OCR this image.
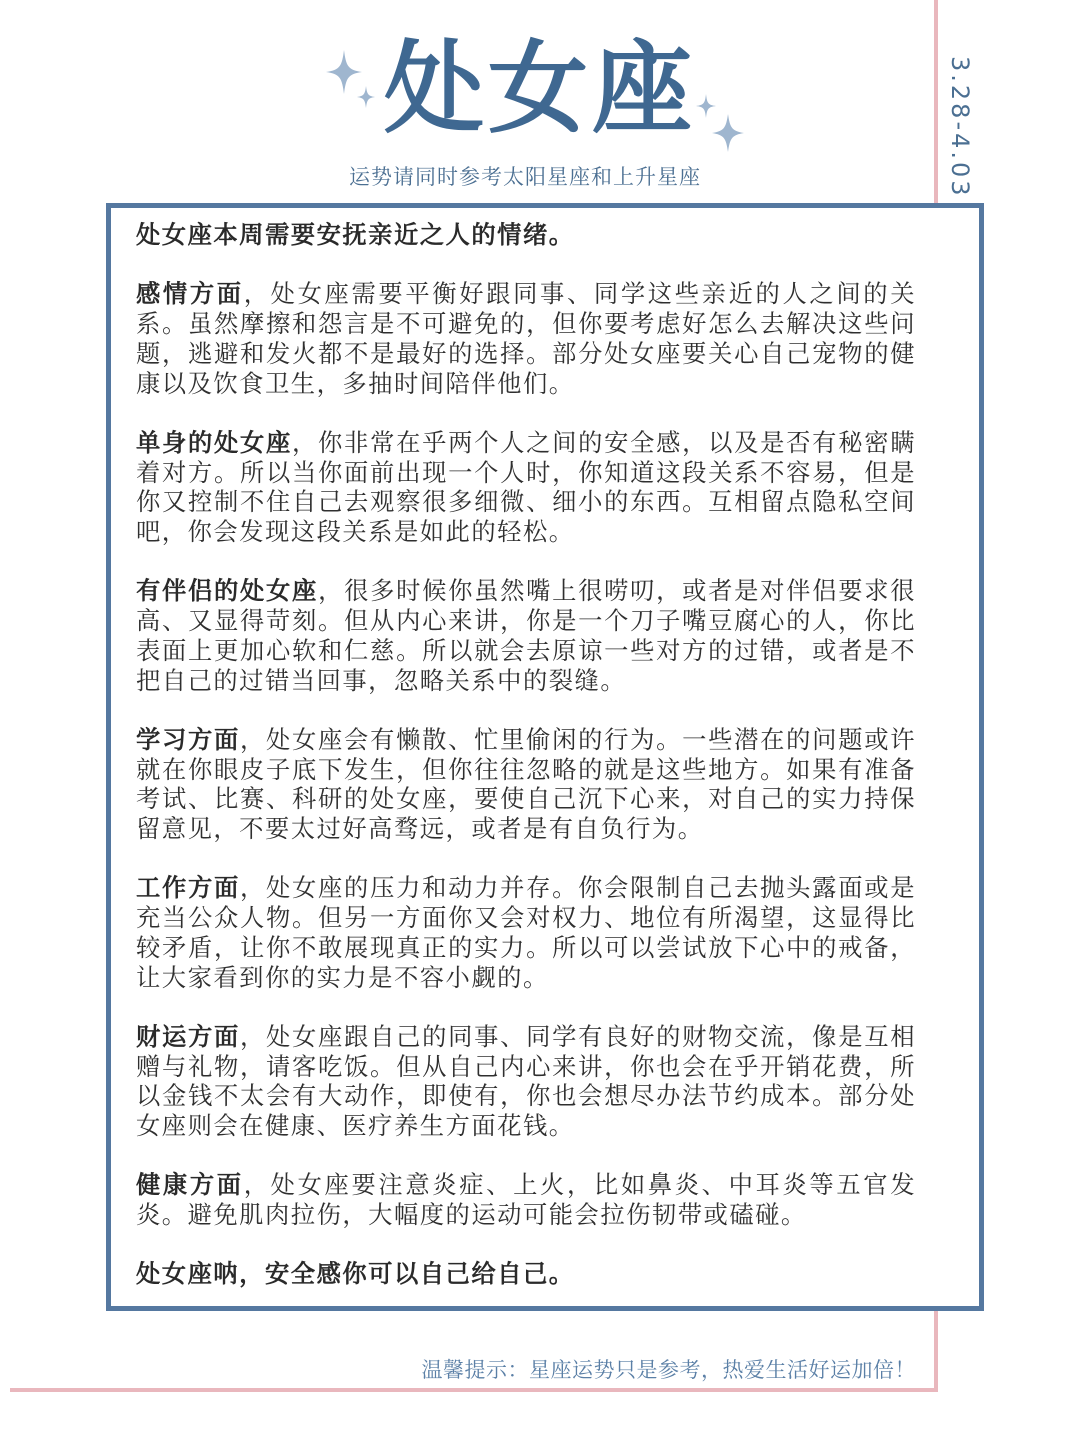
3.28-4.03
处女座
运势请同时参考太阳星座和上升星座

处女座本周需要安抚亲近之人的情绪。

感情方面，处女座需要平衡好跟同事、同学这些亲近的人之间的关系。虽然摩擦和怨言是不可避免的，但你要考虑好怎么去解决这些问题，逃避和发火都不是最好的选择。部分处女座要关心自己宠物的健康以及饮食卫生，多抽时间陪伴他们。

单身的处女座，你非常在乎两个人之间的安全感，以及是否有秘密瞒着对方。所以当你面前出现一个人时，你知道这段关系不容易，但是你又控制不住自己去观察很多细微、细小的东西。互相留点隐私空间吧，你会发现这段关系是如此的轻松。

有伴侣的处女座，很多时候你虽然嘴上很唠叨，或者是对伴侣要求很高、又显得苛刻。但从内心来讲，你是一个刀子嘴豆腐心的人，你比表面上更加心软和仁慈。所以就会去原谅一些对方的过错，或者是不把自己的过错当回事，忽略关系中的裂缝。

学习方面，处女座会有懒散、忙里偷闲的行为。一些潜在的问题或许就在你眼皮子底下发生，但你往往忽略的就是这些地方。如果有准备考试、比赛、科研的处女座，要使自己沉下心来，对自己的实力持保留意见，不要太过好高骛远，或者是有自负行为。

工作方面，处女座的压力和动力并存。你会限制自己去抛头露面或是充当公众人物。但另一方面你又会对权力、地位有所渴望，这显得比较矛盾，让你不敢展现真正的实力。所以可以尝试放下心中的戒备，让大家看到你的实力是不容小觑的。

财运方面，处女座跟自己的同事、同学有良好的财物交流，像是互相赠与礼物，请客吃饭。但从自己内心来讲，你也会在乎开销花费，所以金钱不太会有大动作，即使有，你也会想尽办法节约成本。部分处女座则会在健康、医疗养生方面花钱。

健康方面，处女座要注意炎症、上火，比如鼻炎、中耳炎等五官发炎。避免肌肉拉伤，大幅度的运动可能会拉伤韧带或磕碰。

处女座呐，安全感你可以自己给自己。

温馨提示：星座运势只是参考，热爱生活好运加倍！
